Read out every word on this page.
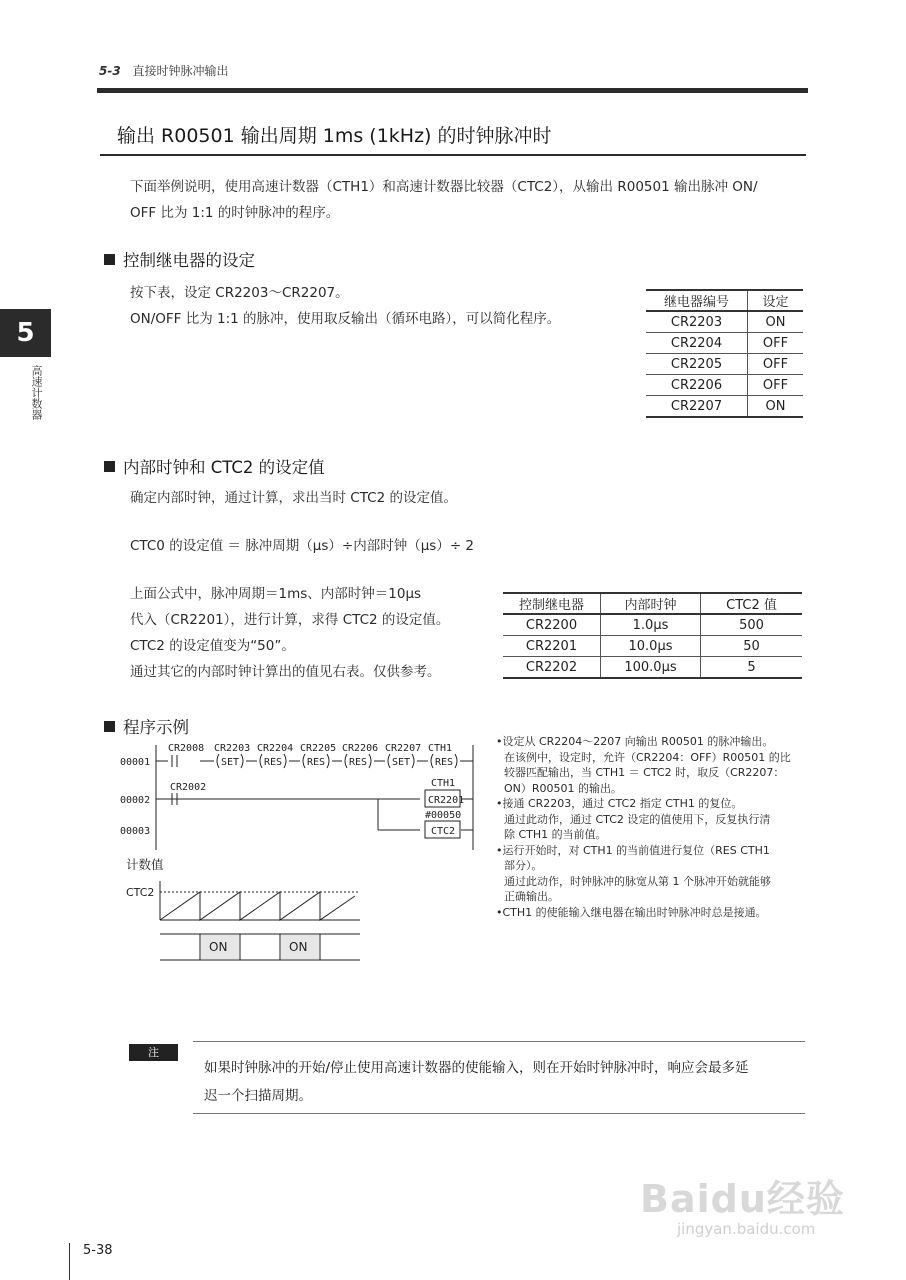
5-3 直接时钟脉冲输出
5
高速计数器
输出 R00501 输出周期 1ms (1kHz) 的时钟脉冲时
下面举例说明，使用高速计数器（CTH1）和高速计数器比较器（CTC2），从输出 R00501 输出脉冲 ON/
OFF 比为 1:1 的时钟脉冲的程序。
控制继电器的设定
按下表，设定 CR2203～CR2207。
ON/OFF 比为 1:1 的脉冲，使用取反输出（循环电路），可以简化程序。
继电器编号	设定
CR2203	ON
CR2204	OFF
CR2205	OFF
CR2206	OFF
CR2207	ON
内部时钟和 CTC2 的设定值
确定内部时钟，通过计算，求出当时 CTC2 的设定值。
CTC0 的设定值 ＝ 脉冲周期（μs）÷内部时钟（μs）÷ 2
上面公式中，脉冲周期＝1ms、内部时钟＝10μs
代入（CR2201），进行计算，求得 CTC2 的设定值。
CTC2 的设定值变为“50”。
通过其它的内部时钟计算出的值见右表。仅供参考。
控制继电器	内部时钟	CTC2 值
CR2200	1.0μs	500
CR2201	10.0μs	50
CR2202	100.0μs	5
程序示例
CR2008
SET
CR2203
RES
CR2204
RES
CR2205
RES
CR2206
SET
CR2207
RES
CTH1
00001
00002
00003
CR2002	CTH1
CR2201
#00050
CTC2
计数值
CTC2
ON	ON

•设定从 CR2204～2207 向输出 R00501 的脉冲输出。

在该例中，设定时，允许（CR2204：OFF）R00501 的比

较器匹配输出，当 CTH1 ＝ CTC2 时，取反（CR2207：

ON）R00501 的输出。

•接通 CR2203，通过 CTC2 指定 CTH1 的复位。

通过此动作，通过 CTC2 设定的值使用下，反复执行清

除 CTH1 的当前值。

•运行开始时，对 CTH1 的当前值进行复位（RES CTH1

部分）。

通过此动作，时钟脉冲的脉宽从第 1 个脉冲开始就能够

正确输出。

•CTH1 的使能输入继电器在输出时钟脉冲时总是接通。

注
如果时钟脉冲的开始/停止使用高速计数器的使能输入，则在开始时钟脉冲时，响应会最多延
迟一个扫描周期。
Baidu经验
jingyan.baidu.com
5-38
